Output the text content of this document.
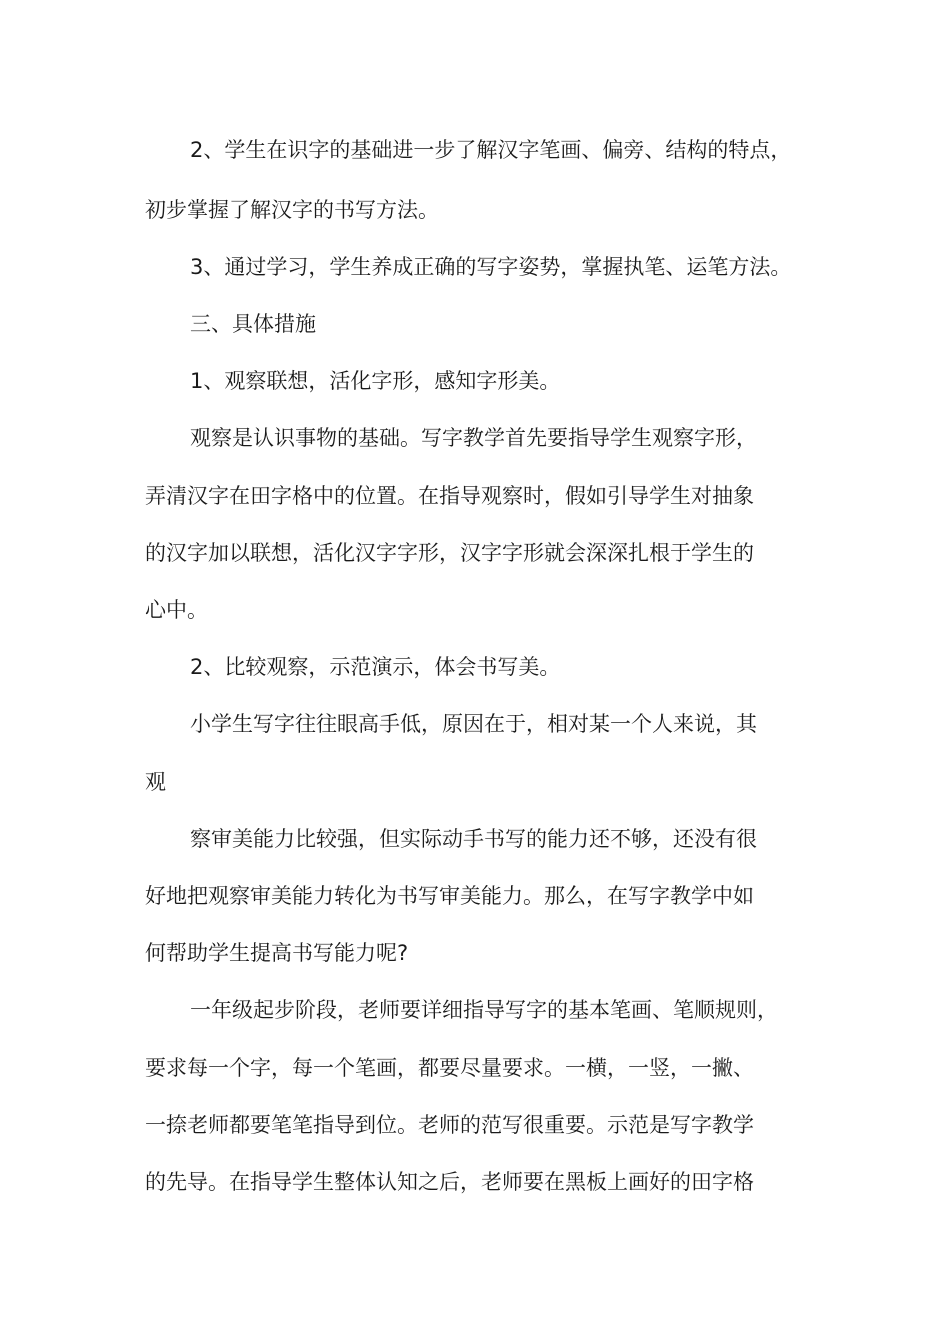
2、学生在识字的基础进一步了解汉字笔画、偏旁、结构的特点，
初步掌握了解汉字的书写方法。
3、通过学习，学生养成正确的写字姿势，掌握执笔、运笔方法。
三、具体措施
1、观察联想，活化字形，感知字形美。
观察是认识事物的基础。写字教学首先要指导学生观察字形，
弄清汉字在田字格中的位置。在指导观察时，假如引导学生对抽象
的汉字加以联想，活化汉字字形，汉字字形就会深深扎根于学生的
心中。
2、比较观察，示范演示，体会书写美。
小学生写字往往眼高手低，原因在于，相对某一个人来说，其
观
察审美能力比较强，但实际动手书写的能力还不够，还没有很
好地把观察审美能力转化为书写审美能力。那么，在写字教学中如
何帮助学生提高书写能力呢?
一年级起步阶段，老师要详细指导写字的基本笔画、笔顺规则，
要求每一个字，每一个笔画，都要尽量要求。一横，一竖，一撇、
一捺老师都要笔笔指导到位。老师的范写很重要。示范是写字教学
的先导。在指导学生整体认知之后，老师要在黑板上画好的田字格
